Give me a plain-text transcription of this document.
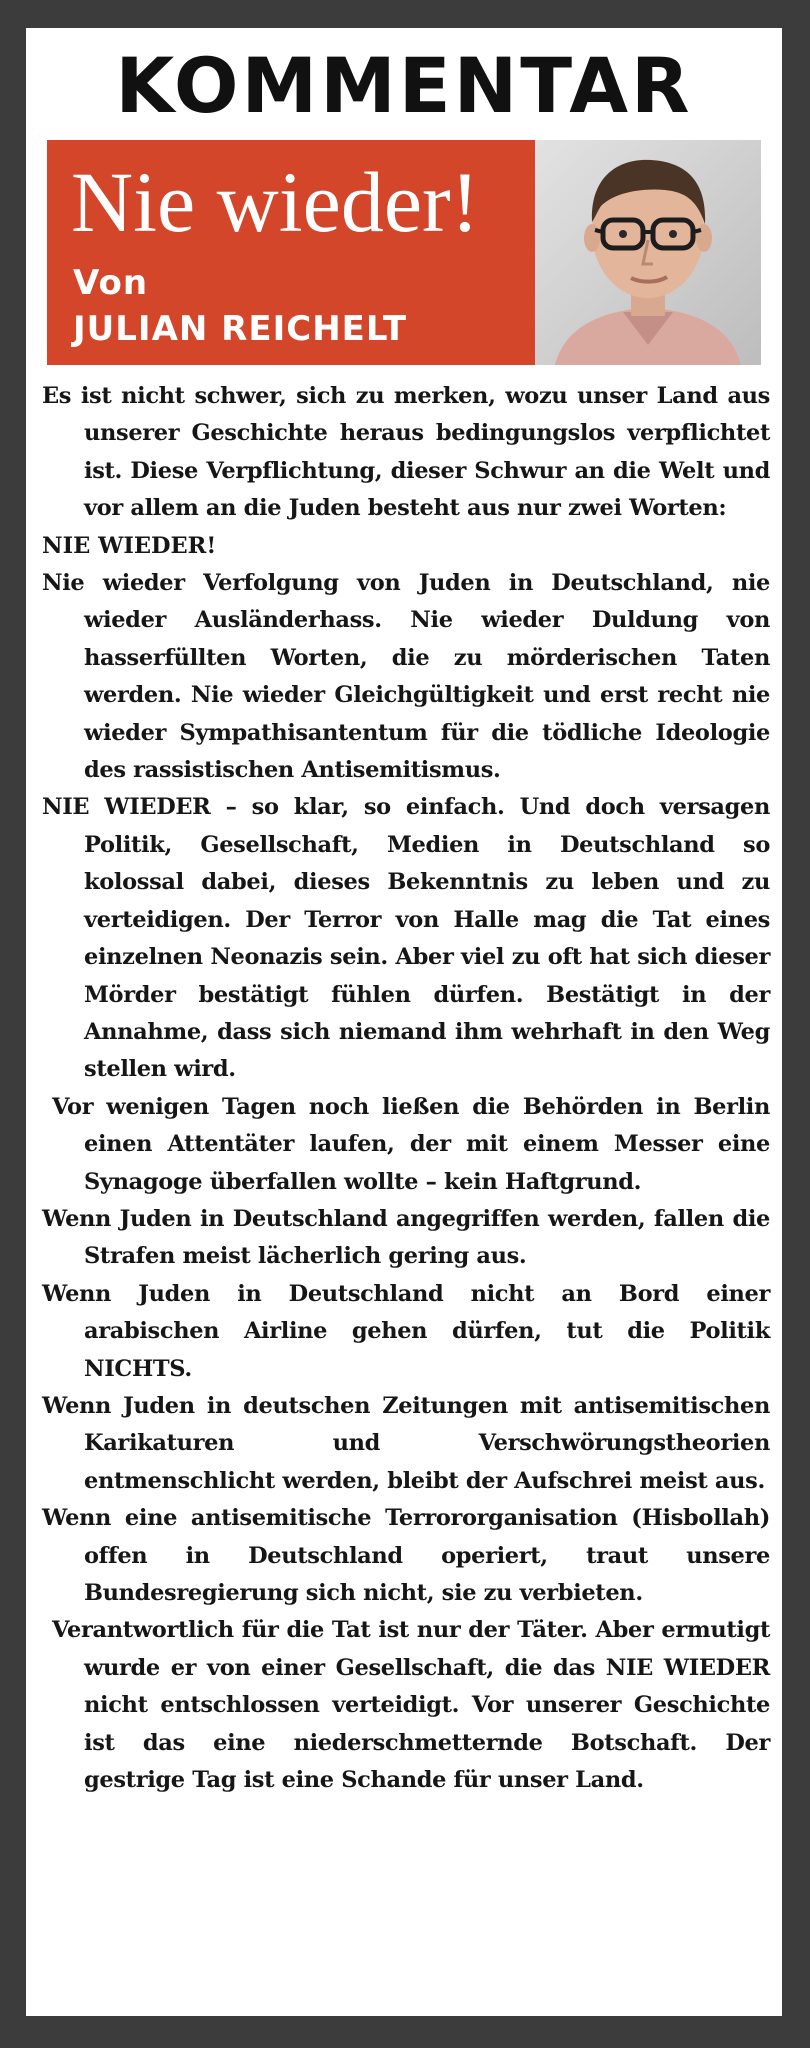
KOMMENTAR
Nie wieder!
Von
JULIAN REICHELT

Es ist nicht schwer, sich zu merken, wozu unser Land aus unserer Geschichte heraus bedingungslos verpflichtet ist. Diese Verpflichtung, dieser Schwur an die Welt und vor allem an die Juden besteht aus nur zwei Worten:

NIE WIEDER!

Nie wieder Verfolgung von Juden in Deutschland, nie wieder Ausländerhass. Nie wieder Duldung von hasserfüllten Worten, die zu mörderischen Taten werden. Nie wieder Gleichgültigkeit und erst recht nie wieder Sympathisantentum für die tödliche Ideologie des rassistischen Antisemitismus.

NIE WIEDER – so klar, so einfach. Und doch versagen Politik, Gesellschaft, Medien in Deutschland so kolossal dabei, dieses Bekenntnis zu leben und zu verteidigen. Der Terror von Halle mag die Tat eines einzelnen Neonazis sein. Aber viel zu oft hat sich dieser Mörder bestätigt fühlen dürfen. Bestätigt in der Annahme, dass sich niemand ihm wehrhaft in den Weg stellen wird.

Vor wenigen Tagen noch ließen die Behörden in Berlin einen Attentäter laufen, der mit einem Messer eine Synagoge überfallen wollte – kein Haftgrund.

Wenn Juden in Deutschland angegriffen werden, fallen die Strafen meist lächerlich gering aus.

Wenn Juden in Deutschland nicht an Bord einer arabischen Airline gehen dürfen, tut die Politik NICHTS.

Wenn Juden in deutschen Zeitungen mit antisemitischen Karikaturen und Verschwörungstheorien entmenschlicht werden, bleibt der Aufschrei meist aus.

Wenn eine antisemitische Terrororganisation (Hisbollah) offen in Deutschland operiert, traut unsere Bundesregierung sich nicht, sie zu verbieten.

Verantwortlich für die Tat ist nur der Täter. Aber ermutigt wurde er von einer Gesellschaft, die das NIE WIEDER nicht entschlossen verteidigt. Vor unserer Geschichte ist das eine niederschmetternde Botschaft. Der gestrige Tag ist eine Schande für unser Land.
